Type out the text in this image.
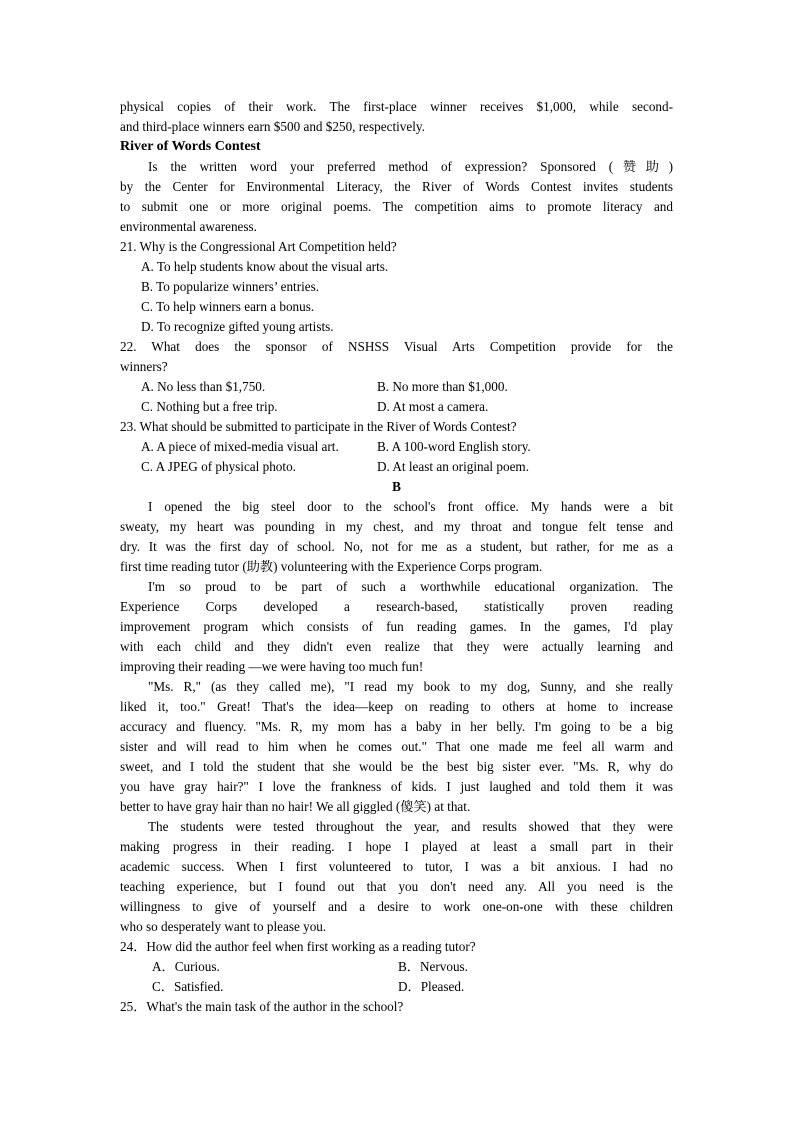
physical copies of their work. The first-place winner receives $1,000, while second-

and third-place winners earn $500 and $250, respectively.

River of Words Contest

Is the written word your preferred method of expression? Sponsored (赞助)

by the Center for Environmental Literacy, the River of Words Contest invites students

to submit one or more original poems. The competition aims to promote literacy and

environmental awareness.

21. Why is the Congressional Art Competition held?

A. To help students know about the visual arts.

B. To popularize winners’ entries.

C. To help winners earn a bonus.

D. To recognize gifted young artists.

22. What does the sponsor of NSHSS Visual Arts Competition provide for the

winners?

A. No less than $1,750.	B. No more than $1,000.
C. Nothing but a free trip.	D. At most a camera.

23. What should be submitted to participate in the River of Words Contest?

A. A piece of mixed-media visual art.	B. A 100-word English story.
C. A JPEG of physical photo.	D. At least an original poem.

B

I opened the big steel door to the school's front office. My hands were a bit

sweaty, my heart was pounding in my chest, and my throat and tongue felt tense and

dry. It was the first day of school. No, not for me as a student, but rather, for me as a

first time reading tutor (助教) volunteering with the Experience Corps program.

I'm so proud to be part of such a worthwhile educational organization. The

Experience Corps developed a research-based, statistically proven reading

improvement program which consists of fun reading games. In the games, I'd play

with each child and they didn't even realize that they were actually learning and

improving their reading —we were having too much fun!

"Ms. R," (as they called me), "I read my book to my dog, Sunny, and she really

liked it, too." Great! That's the idea—keep on reading to others at home to increase

accuracy and fluency. "Ms. R, my mom has a baby in her belly. I'm going to be a big

sister and will read to him when he comes out." That one made me feel all warm and

sweet, and I told the student that she would be the best big sister ever. "Ms. R, why do

you have gray hair?" I love the frankness of kids. I just laughed and told them it was

better to have gray hair than no hair! We all giggled (傻笑) at that.

The students were tested throughout the year, and results showed that they were

making progress in their reading. I hope I played at least a small part in their

academic success. When I first volunteered to tutor, I was a bit anxious. I had no

teaching experience, but I found out that you don't need any. All you need is the

willingness to give of yourself and a desire to work one-on-one with these children

who so desperately want to please you.

24．How did the author feel when first working as a reading tutor?

A．Curious.	B．Nervous.
C．Satisfied.	D．Pleased.

25．What's the main task of the author in the school?
